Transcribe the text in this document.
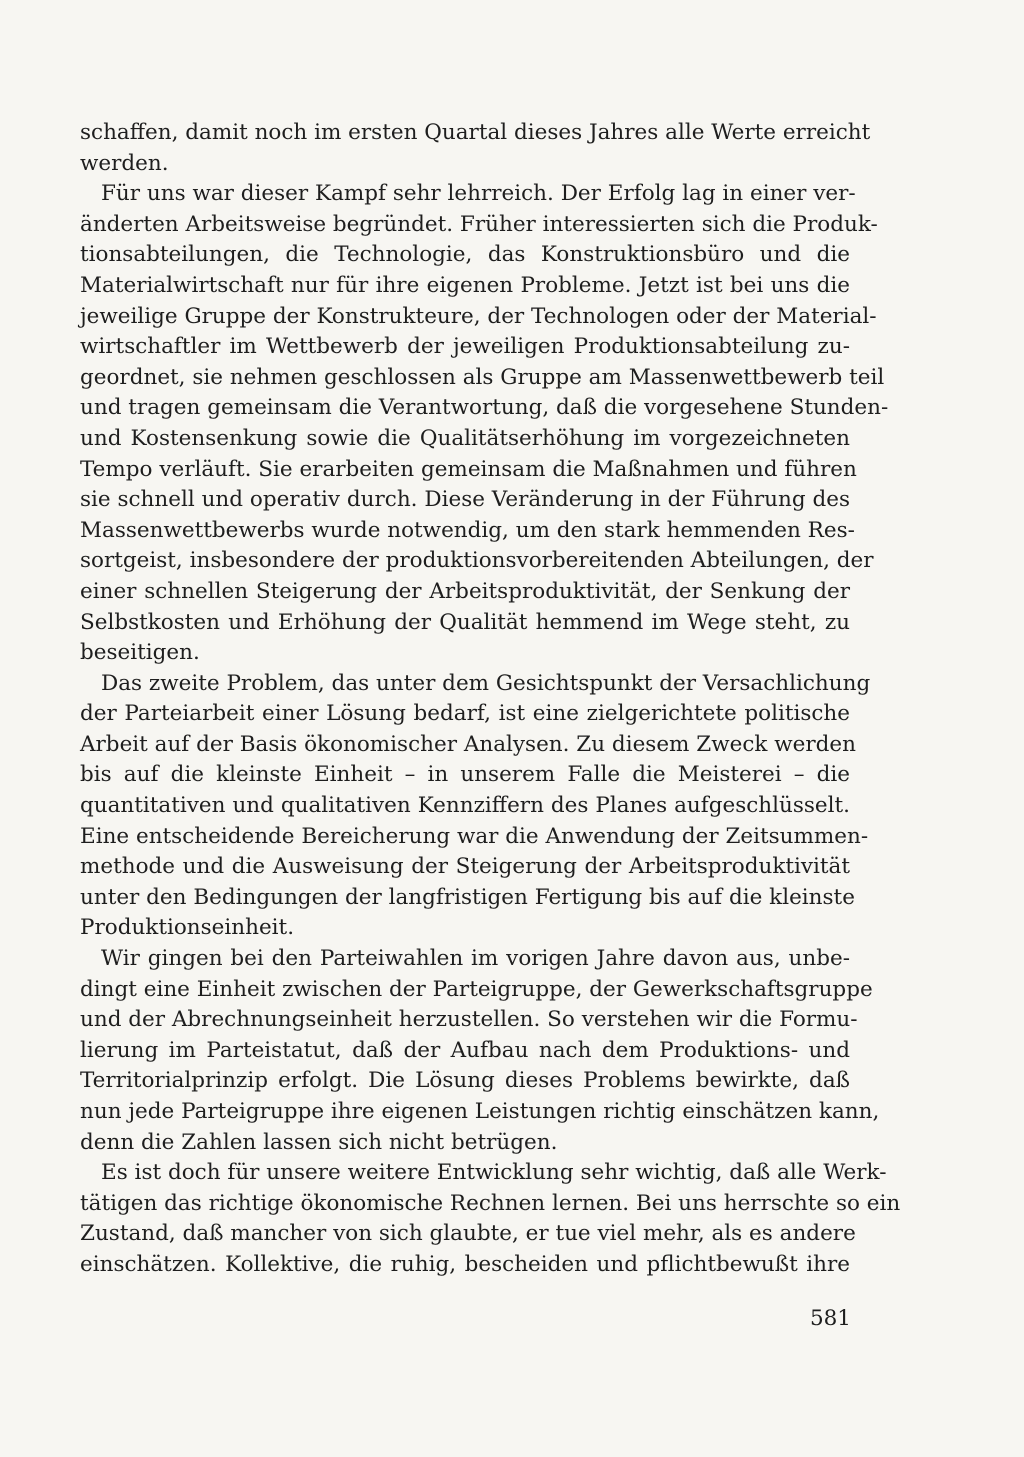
schaffen, damit noch im ersten Quartal dieses Jahres alle Werte erreicht
werden.
Für uns war dieser Kampf sehr lehrreich. Der Erfolg lag in einer ver-
änderten Arbeitsweise begründet. Früher interessierten sich die Produk-
tionsabteilungen, die Technologie, das Konstruktionsbüro und die
Materialwirtschaft nur für ihre eigenen Probleme. Jetzt ist bei uns die
jeweilige Gruppe der Konstrukteure, der Technologen oder der Material-
wirtschaftler im Wettbewerb der jeweiligen Produktionsabteilung zu-
geordnet, sie nehmen geschlossen als Gruppe am Massenwettbewerb teil
und tragen gemeinsam die Verantwortung, daß die vorgesehene Stunden-
und Kostensenkung sowie die Qualitätserhöhung im vorgezeichneten
Tempo verläuft. Sie erarbeiten gemeinsam die Maßnahmen und führen
sie schnell und operativ durch. Diese Veränderung in der Führung des
Massenwettbewerbs wurde notwendig, um den stark hemmenden Res-
sortgeist, insbesondere der produktionsvorbereitenden Abteilungen, der
einer schnellen Steigerung der Arbeitsproduktivität, der Senkung der
Selbstkosten und Erhöhung der Qualität hemmend im Wege steht, zu
beseitigen.
Das zweite Problem, das unter dem Gesichtspunkt der Versachlichung
der Parteiarbeit einer Lösung bedarf, ist eine zielgerichtete politische
Arbeit auf der Basis ökonomischer Analysen. Zu diesem Zweck werden
bis auf die kleinste Einheit – in unserem Falle die Meisterei – die
quantitativen und qualitativen Kennziffern des Planes aufgeschlüsselt.
Eine entscheidende Bereicherung war die Anwendung der Zeitsummen-
methode und die Ausweisung der Steigerung der Arbeitsproduktivität
unter den Bedingungen der langfristigen Fertigung bis auf die kleinste
Produktionseinheit.
Wir gingen bei den Parteiwahlen im vorigen Jahre davon aus, unbe-
dingt eine Einheit zwischen der Parteigruppe, der Gewerkschaftsgruppe
und der Abrechnungseinheit herzustellen. So verstehen wir die Formu-
lierung im Parteistatut, daß der Aufbau nach dem Produktions- und
Territorialprinzip erfolgt. Die Lösung dieses Problems bewirkte, daß
nun jede Parteigruppe ihre eigenen Leistungen richtig einschätzen kann,
denn die Zahlen lassen sich nicht betrügen.
Es ist doch für unsere weitere Entwicklung sehr wichtig, daß alle Werk-
tätigen das richtige ökonomische Rechnen lernen. Bei uns herrschte so ein
Zustand, daß mancher von sich glaubte, er tue viel mehr, als es andere
einschätzen. Kollektive, die ruhig, bescheiden und pflichtbewußt ihre
581
